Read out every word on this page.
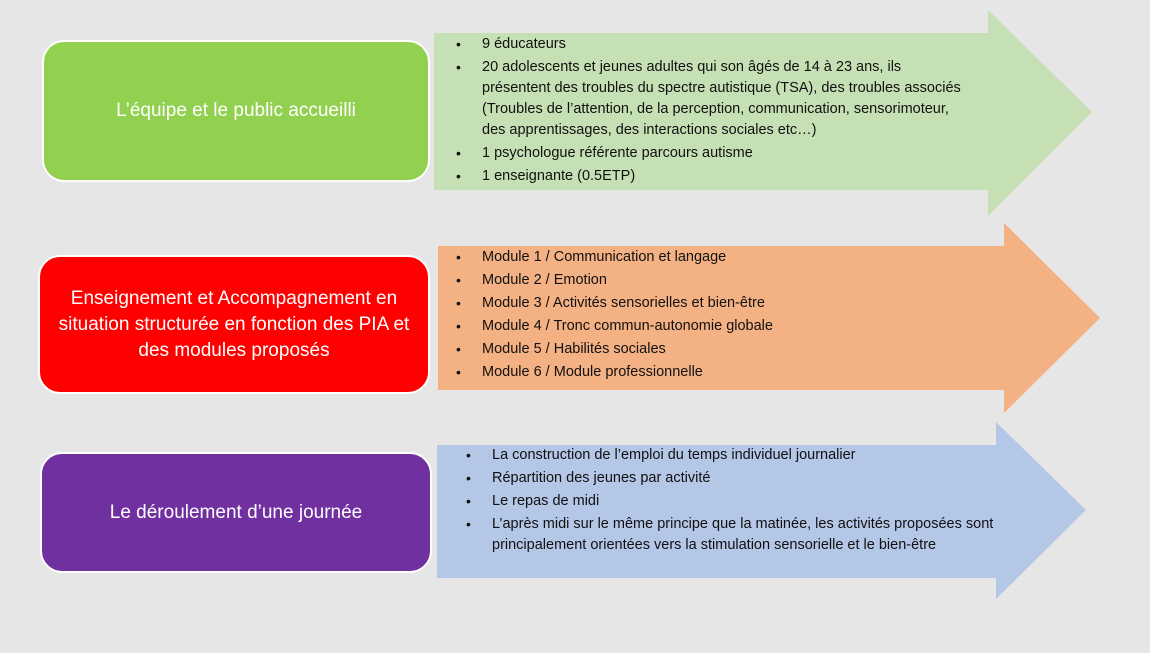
L’équipe et le public accueilli
• 9 éducateurs
• 20 adolescents et jeunes adultes qui son âgés de 14 à 23 ans, ils présentent des troubles du spectre autistique (TSA), des troubles associés (Troubles de l’attention, de la perception, communication, sensorimoteur, des apprentissages, des interactions sociales etc…)
• 1 psychologue référente parcours autisme
• 1 enseignante (0.5ETP)
Enseignement et Accompagnement en situation structurée en fonction des PIA et des modules proposés
• Module 1 / Communication et langage
• Module 2 / Emotion
• Module 3 / Activités sensorielles et bien-être
• Module 4 / Tronc commun-autonomie globale
• Module 5 / Habilités sociales
• Module 6 / Module professionnelle
Le déroulement d’une journée
• La construction de l’emploi du temps individuel journalier
• Répartition des jeunes par activité
• Le repas de midi
• L’après midi sur le même principe que la matinée, les activités proposées sont principalement orientées vers la stimulation sensorielle et le bien-être
